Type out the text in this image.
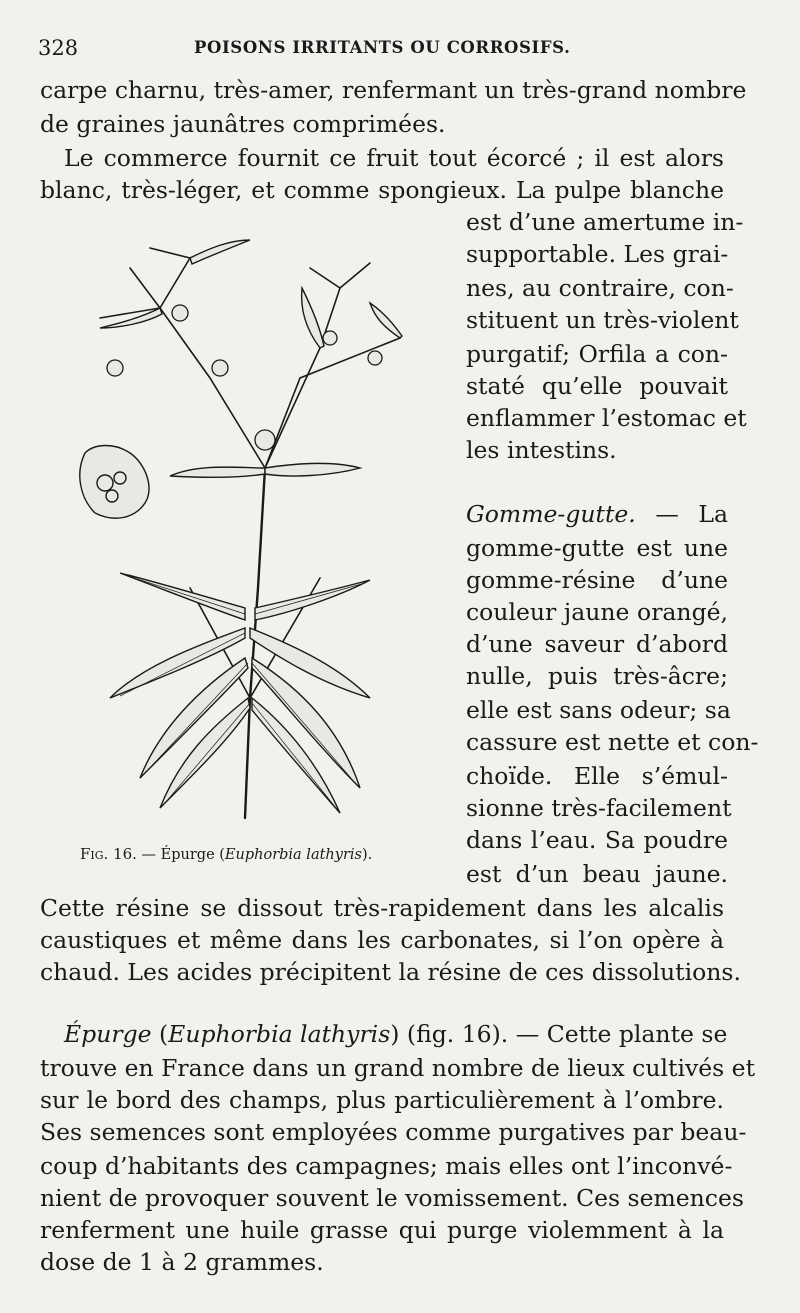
328	POISONS IRRITANTS OU CORROSIFS.
carpe charnu, très-amer, renfermant un très-grand nombre
de graines jaunâtres comprimées.
Le commerce fournit ce fruit tout écorcé ; il est alors
blanc, très-léger, et comme spongieux. La pulpe blanche
est d’une amertume in-
supportable. Les grai-
nes, au contraire, con-
stituent un très-violent
purgatif; Orfila a con-
staté qu’elle pouvait
enflammer l’estomac et
les intestins.
Gomme-gutte. — La
gomme-gutte est une
gomme-résine d’une
couleur jaune orangé,
d’une saveur d’abord
nulle, puis très-âcre;
elle est sans odeur; sa
cassure est nette et con-
choïde. Elle s’émul-
sionne très-facilement
dans l’eau. Sa poudre
est d’un beau jaune.
Cette résine se dissout très-rapidement dans les alcalis
caustiques et même dans les carbonates, si l’on opère à
chaud. Les acides précipitent la résine de ces dissolutions.
Épurge (Euphorbia lathyris) (fig. 16). — Cette plante se
trouve en France dans un grand nombre de lieux cultivés et
sur le bord des champs, plus particulièrement à l’ombre.
Ses semences sont employées comme purgatives par beau-
coup d’habitants des campagnes; mais elles ont l’inconvé-
nient de provoquer souvent le vomissement. Ces semences
renferment une huile grasse qui purge violemment à la
dose de 1 à 2 grammes.
Fig. 16. — Épurge (Euphorbia lathyris).
